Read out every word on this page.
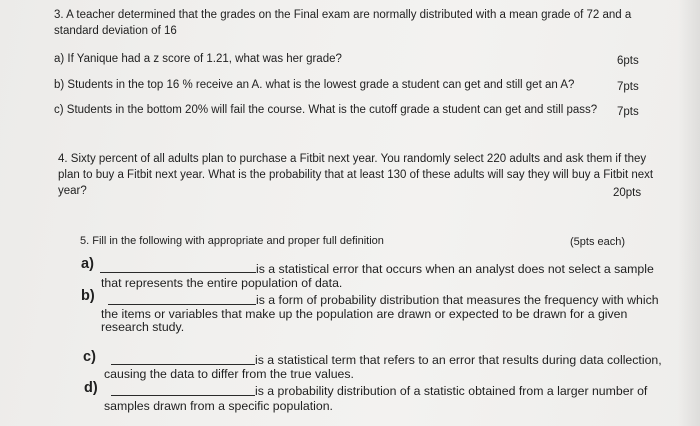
3. A teacher determined that the grades on the Final exam are normally distributed with a mean grade of 72 and a
standard deviation of 16
a) If Yanique had a z score of 1.21, what was her grade?	6pts
b) Students in the top 16 % receive an A. what is the lowest grade a student can get and still get an A?	7pts
c) Students in the bottom 20% will fail the course. What is the cutoff grade a student can get and still pass? 7pts
4. Sixty percent of all adults plan to purchase a Fitbit next year. You randomly select 220 adults and ask them if they
plan to buy a Fitbit next year. What is the probability that at least 130 of these adults will say they will buy a Fitbit next
year?	20pts
5. Fill in the following with appropriate and proper full definition	(5pts each)
a)	is a statistical error that occurs when an analyst does not select a sample
that represents the entire population of data.
b)	is a form of probability distribution that measures the frequency with which
the items or variables that make up the population are drawn or expected to be drawn for a given
research study.
c)	is a statistical term that refers to an error that results during data collection,
causing the data to differ from the true values.
d)	is a probability distribution of a statistic obtained from a larger number of
samples drawn from a specific population.
